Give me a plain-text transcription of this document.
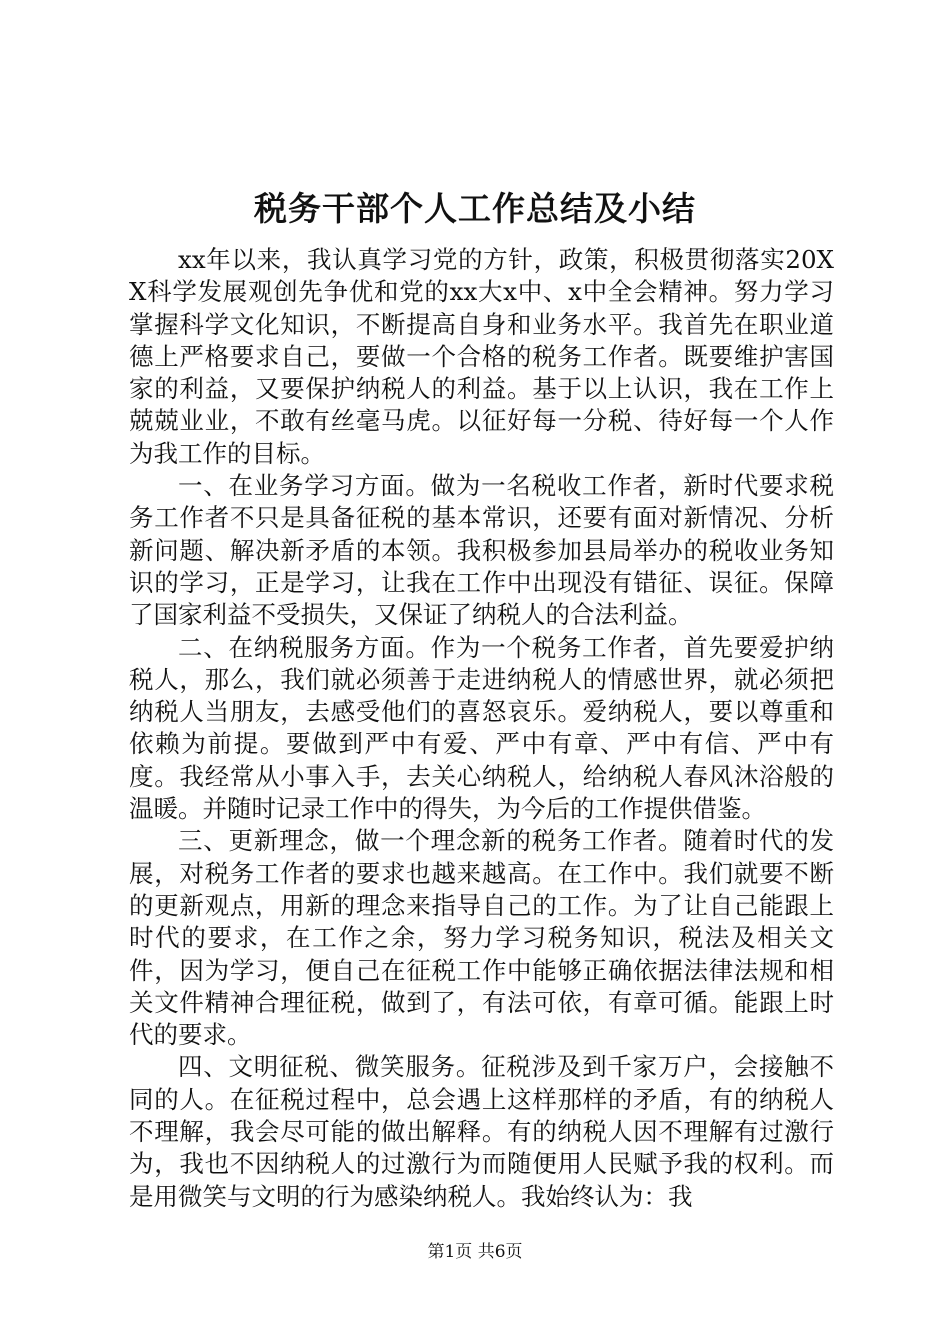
税务干部个人工作总结及小结

xx年以来，我认真学习党的方针，政策，积极贯彻落实20XX科学发展观创先争优和党的xx大x中、x中全会精神。努力学习掌握科学文化知识，不断提高自身和业务水平。我首先在职业道德上严格要求自己，要做一个合格的税务工作者。既要维护害国家的利益，又要保护纳税人的利益。基于以上认识，我在工作上兢兢业业，不敢有丝毫马虎。以征好每一分税、待好每一个人作为我工作的目标。

一、在业务学习方面。做为一名税收工作者，新时代要求税务工作者不只是具备征税的基本常识，还要有面对新情况、分析新问题、解决新矛盾的本领。我积极参加县局举办的税收业务知识的学习，正是学习，让我在工作中出现没有错征、误征。保障了国家利益不受损失，又保证了纳税人的合法利益。

二、在纳税服务方面。作为一个税务工作者，首先要爱护纳税人，那么，我们就必须善于走进纳税人的情感世界，就必须把纳税人当朋友，去感受他们的喜怒哀乐。爱纳税人，要以尊重和依赖为前提。要做到严中有爱、严中有章、严中有信、严中有度。我经常从小事入手，去关心纳税人，给纳税人春风沐浴般的温暖。并随时记录工作中的得失，为今后的工作提供借鉴。

三、更新理念，做一个理念新的税务工作者。随着时代的发展，对税务工作者的要求也越来越高。在工作中。我们就要不断的更新观点，用新的理念来指导自己的工作。为了让自己能跟上时代的要求，在工作之余，努力学习税务知识，税法及相关文件，因为学习，便自己在征税工作中能够正确依据法律法规和相关文件精神合理征税，做到了，有法可依，有章可循。能跟上时代的要求。

四、文明征税、微笑服务。征税涉及到千家万户，会接触不同的人。在征税过程中，总会遇上这样那样的矛盾，有的纳税人不理解，我会尽可能的做出解释。有的纳税人因不理解有过激行为，我也不因纳税人的过激行为而随便用人民赋予我的权利。而是用微笑与文明的行为感染纳税人。我始终认为：我

第1页 共6页
